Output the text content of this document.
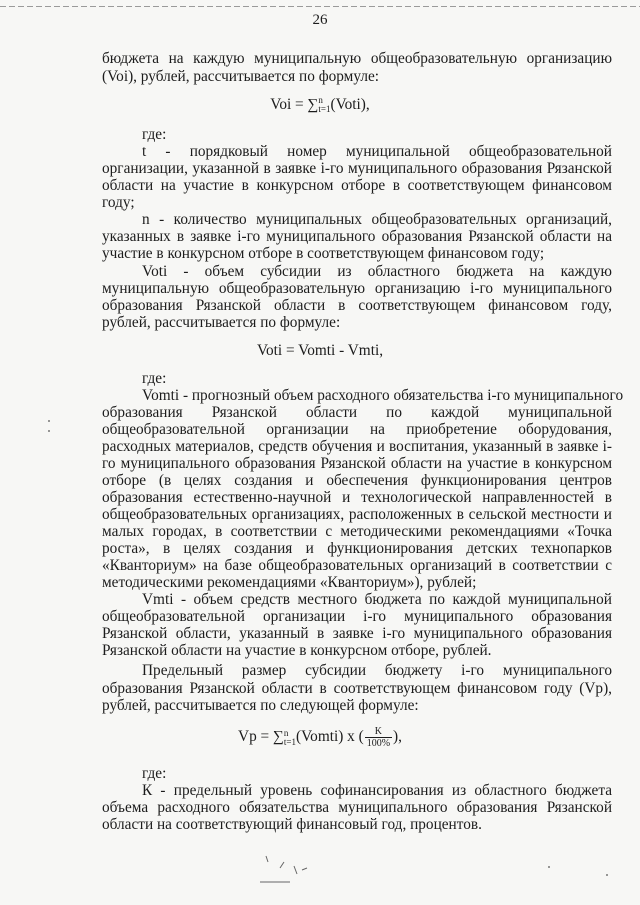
26
бюджета на каждую муниципальную общеобразовательную организацию
(Voi), рублей, рассчитывается по формуле:
Voi = ∑ n
t=1 (Voti),
где:
t - порядковый номер муниципальной общеобразовательной
организации, указанной в заявке i-го муниципального образования Рязанской
области на участие в конкурсном отборе в соответствующем финансовом
году;
n - количество муниципальных общеобразовательных организаций,
указанных в заявке i-го муниципального образования Рязанской области на
участие в конкурсном отборе в соответствующем финансовом году;
Voti - объем субсидии из областного бюджета на каждую
муниципальную общеобразовательную организацию i-го муниципального
образования Рязанской области в соответствующем финансовом году,
рублей, рассчитывается по формуле:
Voti = Vomti - Vmti,
где:
Vomti - прогнозный объем расходного обязательства i-го муниципального
образования Рязанской области по каждой муниципальной
общеобразовательной организации на приобретение оборудования,
расходных материалов, средств обучения и воспитания, указанный в заявке i-
го муниципального образования Рязанской области на участие в конкурсном
отборе (в целях создания и обеспечения функционирования центров
образования естественно-научной и технологической направленностей в
общеобразовательных организациях, расположенных в сельской местности и
малых городах, в соответствии с методическими рекомендациями «Точка
роста», в целях создания и функционирования детских технопарков
«Кванториум» на базе общеобразовательных организаций в соответствии с
методическими рекомендациями «Кванториум»), рублей;
Vmti - объем средств местного бюджета по каждой муниципальной
общеобразовательной организации i-го муниципального образования
Рязанской области, указанный в заявке i-го муниципального образования
Рязанской области на участие в конкурсном отборе, рублей.
Предельный размер субсидии бюджету i-го муниципального
образования Рязанской области в соответствующем финансовом году (Vp),
рублей, рассчитывается по следующей формуле:
Vp = ∑ n
t=1 (Vomti) x ( $\frac{K}{100\%}$ ),
где:
К - предельный уровень софинансирования из областного бюджета
объема расходного обязательства муниципального образования Рязанской
области на соответствующий финансовый год, процентов.
